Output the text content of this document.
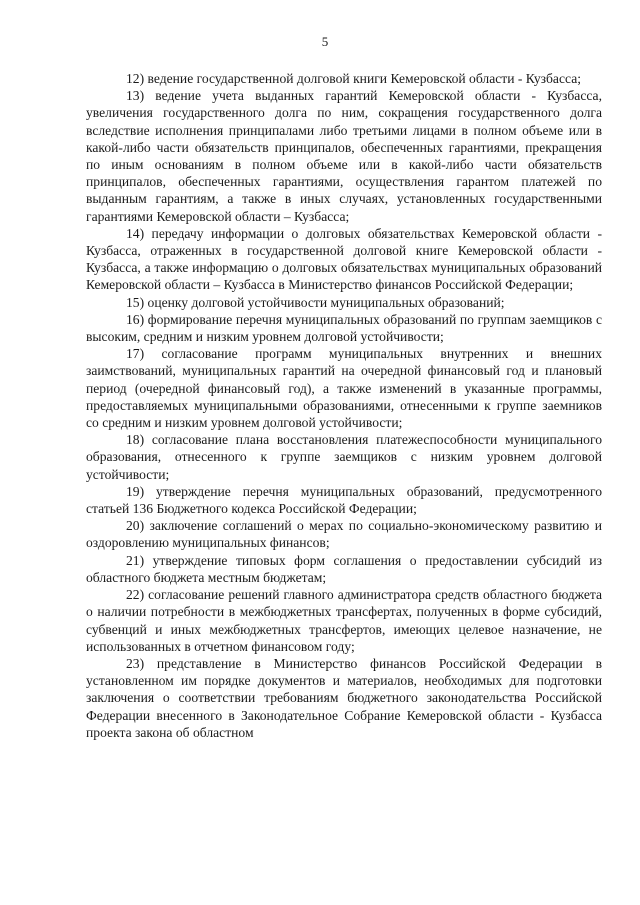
5

12) ведение государственной долговой книги Кемеровской области - Кузбасса;

13) ведение учета выданных гарантий Кемеровской области - Кузбасса, увеличения государственного долга по ним, сокращения государственного долга вследствие исполнения принципалами либо третьими лицами в полном объеме или в какой-либо части обязательств принципалов, обеспеченных гарантиями, прекращения по иным основаниям в полном объеме или в какой-либо части обязательств принципалов, обеспеченных гарантиями, осуществления гарантом платежей по выданным гарантиям, а также в иных случаях, установленных государственными гарантиями Кемеровской области – Кузбасса;

14) передачу информации о долговых обязательствах Кемеровской области - Кузбасса, отраженных в государственной долговой книге Кемеровской области - Кузбасса, а также информацию о долговых обязательствах муниципальных образований Кемеровской области – Кузбасса в Министерство финансов Российской Федерации;

15) оценку долговой устойчивости муниципальных образований;

16) формирование перечня муниципальных образований по группам заемщиков с высоким, средним и низким уровнем долговой устойчивости;

17) согласование программ муниципальных внутренних и внешних заимствований, муниципальных гарантий на очередной финансовый год и плановый период (очередной финансовый год), а также изменений в указанные программы, предоставляемых муниципальными образованиями, отнесенными к группе заемников со средним и низким уровнем долговой устойчивости;

18) согласование плана восстановления платежеспособности муниципального образования, отнесенного к группе заемщиков с низким уровнем долговой устойчивости;

19) утверждение перечня муниципальных образований, предусмотренного статьей 136 Бюджетного кодекса Российской Федерации;

20) заключение соглашений о мерах по социально-экономическому развитию и оздоровлению муниципальных финансов;

21) утверждение типовых форм соглашения о предоставлении субсидий из областного бюджета местным бюджетам;

22) согласование решений главного администратора средств областного бюджета о наличии потребности в межбюджетных трансфертах, полученных в форме субсидий, субвенций и иных межбюджетных трансфертов, имеющих целевое назначение, не использованных в отчетном финансовом году;

23) представление в Министерство финансов Российской Федерации в установленном им порядке документов и материалов, необходимых для подготовки заключения о соответствии требованиям бюджетного законодательства Российской Федерации внесенного в Законодательное Собрание Кемеровской области - Кузбасса проекта закона об областном
